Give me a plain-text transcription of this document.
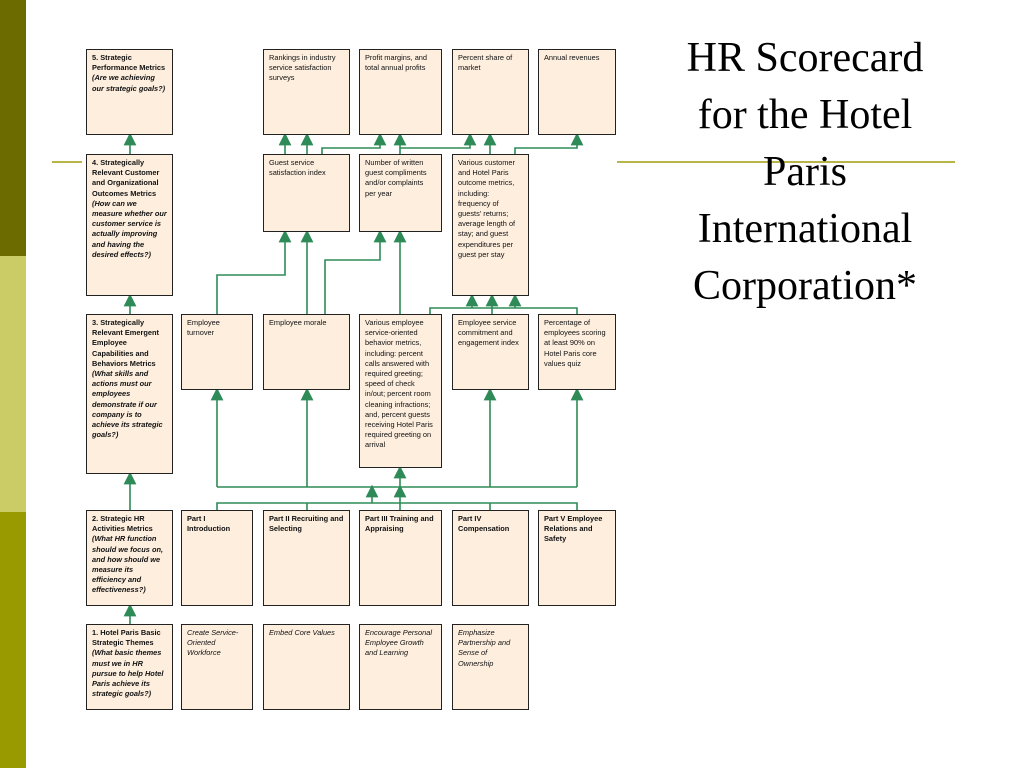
HR Scorecard
for the Hotel
Paris
International
Corporation*
5. Strategic Performance Metrics
(Are we achieving our strategic goals?)
Rankings in industry service satisfaction surveys
Profit margins, and total annual profits
Percent share of market
Annual revenues
4. Strategically Relevant Customer and Organizational Outcomes Metrics
(How can we measure whether our customer service is actually improving and having the desired effects?)
Guest service satisfaction index
Number of written guest compliments and/or complaints per year
Various customer and Hotel Paris outcome metrics, including: frequency of guests' returns; average length of stay; and guest expenditures per guest per stay
3. Strategically Relevant Emergent Employee Capabilities and Behaviors Metrics
(What skills and actions must our employees demonstrate if our company is to achieve its strategic goals?)
Employee turnover
Employee morale	Various employee service-oriented behavior metrics, including: percent calls answered with required greeting; speed of check in/out; percent room cleaning infractions; and, percent guests receiving Hotel Paris required greeting on arrival
Employee service commitment and engagement index
Percentage of employees scoring at least 90% on Hotel Paris core values quiz
2. Strategic HR Activities Metrics
(What HR function should we focus on, and how should we measure its efficiency and effectiveness?)
Part I Introduction
Part II Recruiting and Selecting
Part III Training and Appraising
Part IV Compensation
Part V Employee Relations and Safety
1. Hotel Paris Basic Strategic Themes
(What basic themes must we in HR pursue to help Hotel Paris achieve its strategic goals?)
Create Service-Oriented Workforce
Embed Core Values	Encourage Personal Employee Growth and Learning
Emphasize Partnership and Sense of Ownership
